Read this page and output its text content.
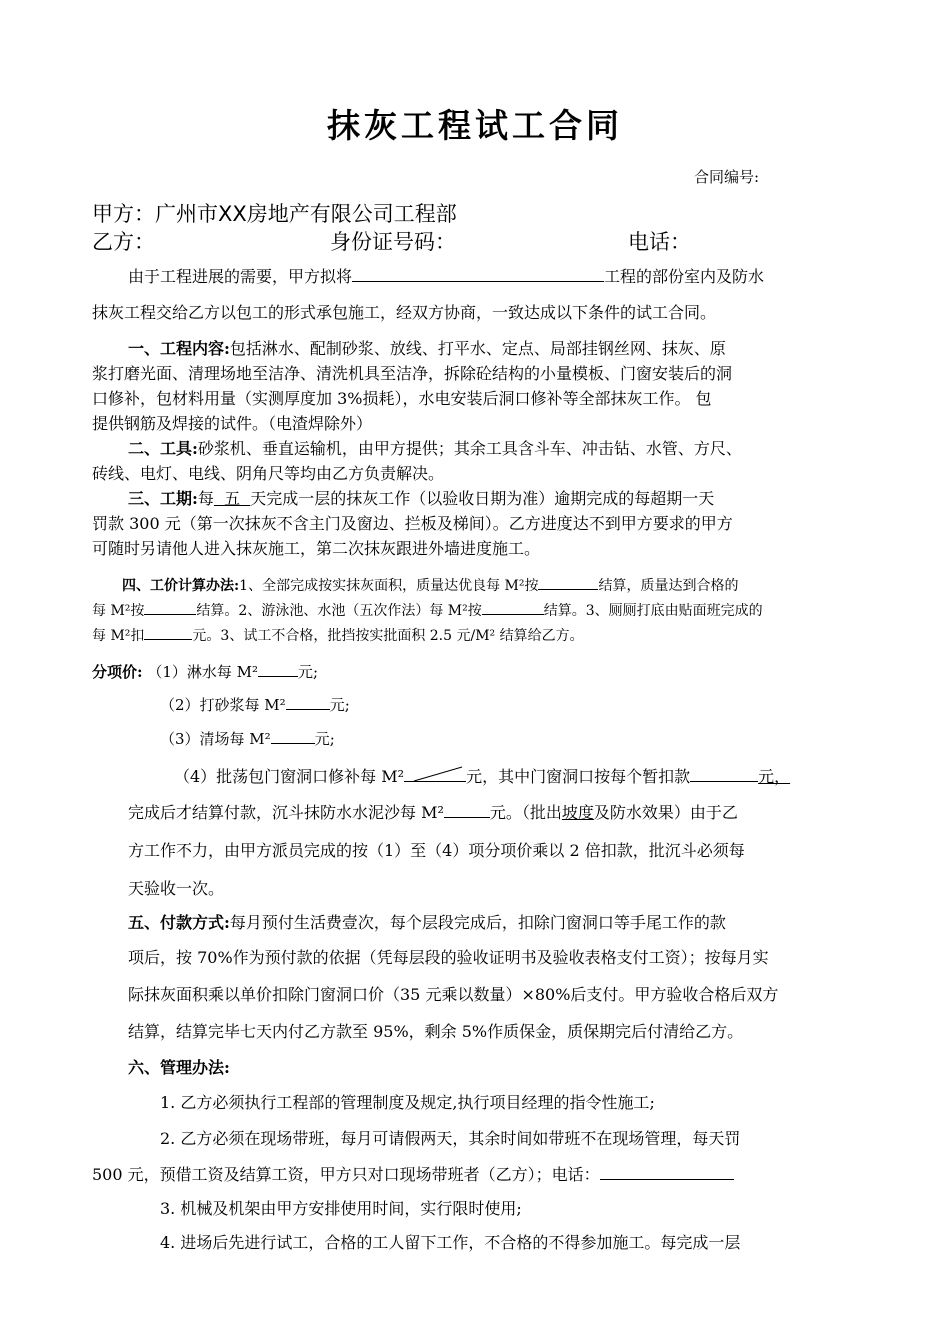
抹灰工程试工合同
合同编号:
甲方：广州市XX房地产有限公司工程部
乙方：	身份证号码：	电话：
由于工程进展的需要，甲方拟将	工程的部份室内及防水
抹灰工程交给乙方以包工的形式承包施工，经双方协商，一致达成以下条件的试工合同。
一、工程内容:包括淋水、配制砂浆、放线、打平水、定点、局部挂钢丝网、抹灰、原
浆打磨光面、清理场地至洁净、清洗机具至洁净，拆除砼结构的小量模板、门窗安装后的洞
口修补，包材料用量（实测厚度加 3%损耗），水电安装后洞口修补等全部抹灰工作。 包
提供钢筋及焊接的试件。（电渣焊除外）
二、工具:砂浆机、垂直运输机，由甲方提供；其余工具含斗车、冲击钻、水管、方尺、
砖线、电灯、电线、阴角尺等均由乙方负责解决。
三、工期:每  五  天完成一层的抹灰工作（以验收日期为准）逾期完成的每超期一天
罚款 300 元（第一次抹灰不含主门及窗边、拦板及梯间）。乙方进度达不到甲方要求的甲方
可随时另请他人进入抹灰施工，第二次抹灰跟进外墙进度施工。
四、工价计算办法:1、全部完成按实抹灰面积，质量达优良每 M²按	结算，质量达到合格的
每 M²按	结算。2、游泳池、水池（五次作法）每 M²按	结算。3、厕厕打底由贴面班完成的
每 M²扣	元。3、试工不合格，批挡按实批面积 2.5 元/M² 结算给乙方。
分项价: （1）淋水每 M²	元;
（2）打砂浆每 M²	元;
（3）清场每 M²	元;
（4）批荡包门窗洞口修补每 M²	元，其中门窗洞口按每个暂扣款	元，
完成后才结算付款，沉斗抹防水水泥沙每 M²	元。（批出坡度及防水效果）由于乙
方工作不力，由甲方派员完成的按（1）至（4）项分项价乘以 2 倍扣款，批沉斗必须每
天验收一次。
五、付款方式:每月预付生活费壹次，每个层段完成后，扣除门窗洞口等手尾工作的款
项后，按 70%作为预付款的依据（凭每层段的验收证明书及验收表格支付工资）；按每月实
际抹灰面积乘以单价扣除门窗洞口价（35 元乘以数量）×80%后支付。甲方验收合格后双方
结算，结算完毕七天内付乙方款至 95%，剩余 5%作质保金，质保期完后付清给乙方。
六、管理办法:
1. 乙方必须执行工程部的管理制度及规定,执行项目经理的指令性施工;
2. 乙方必须在现场带班，每月可请假两天，其余时间如带班不在现场管理，每天罚
500 元，预借工资及结算工资，甲方只对口现场带班者（乙方）；电话：
3. 机械及机架由甲方安排使用时间，实行限时使用;
4. 进场后先进行试工，合格的工人留下工作，不合格的不得参加施工。每完成一层
